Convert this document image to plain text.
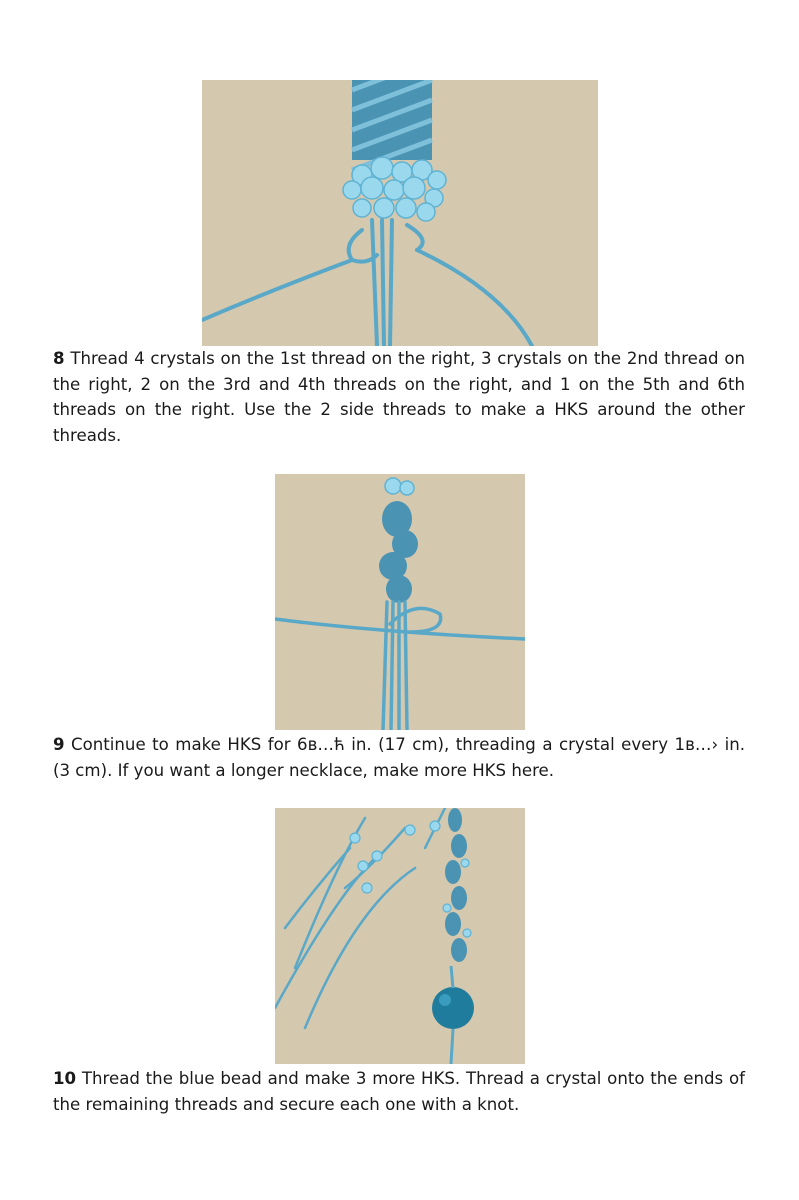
8 Thread 4 crystals on the 1st thread on the right, 3 crystals on the 2nd thread on the right, 2 on the 3rd and 4th threads on the right, and 1 on the 5th and 6th threads on the right. Use the 2 side threads to make a HKS around the other threads.

9 Continue to make HKS for 6в…ћ in. (17 cm), threading a crystal every 1в…› in. (3 cm). If you want a longer necklace, make more HKS here.

10 Thread the blue bead and make 3 more HKS. Thread a crystal onto the ends of the remaining threads and secure each one with a knot.
